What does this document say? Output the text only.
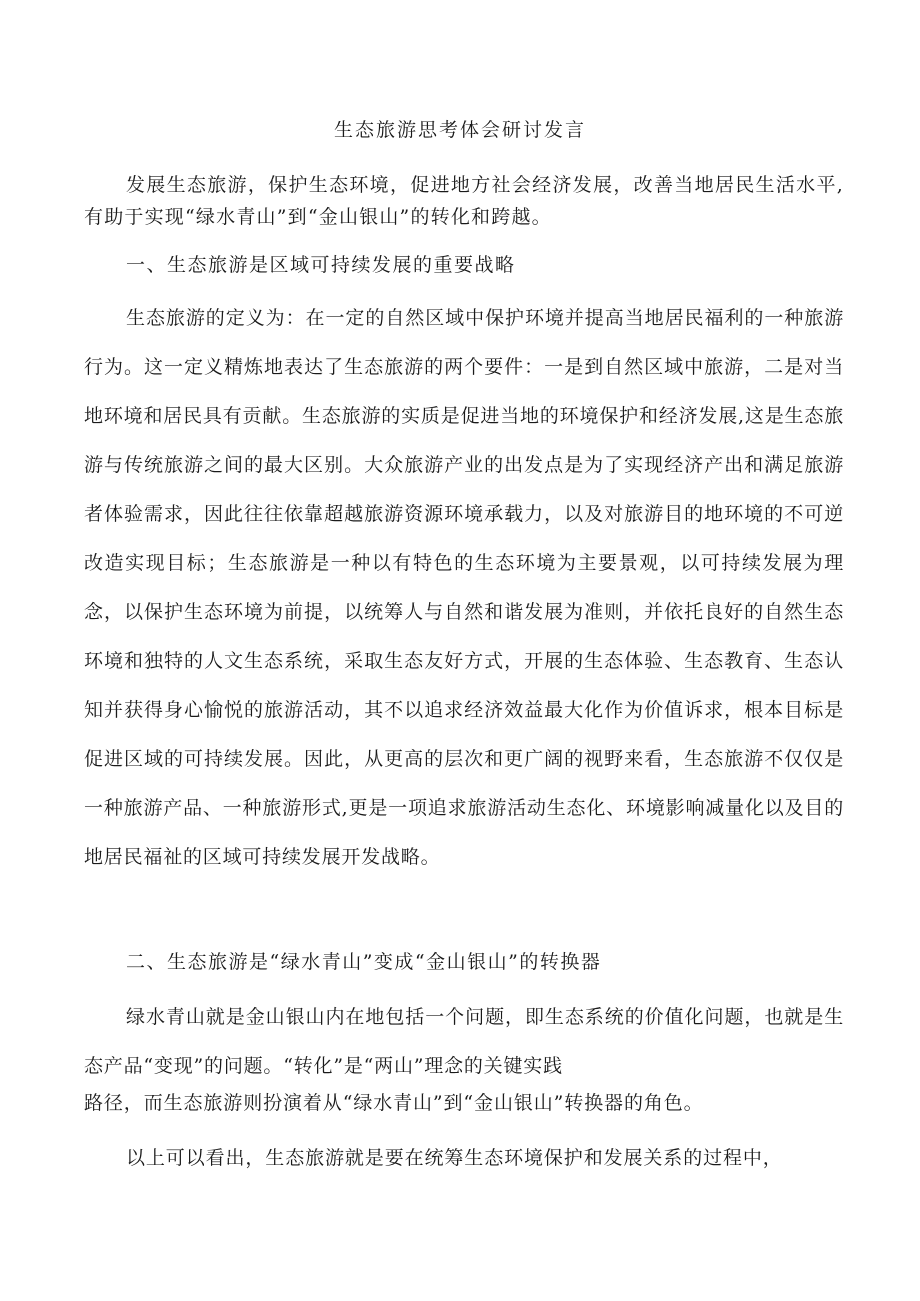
生态旅游思考体会研讨发言
发展生态旅游，保护生态环境，促进地方社会经济发展，改善当地居民生活水平,有助于实现“绿水青山”到“金山银山”的转化和跨越。
一、生态旅游是区域可持续发展的重要战略
生态旅游的定义为：在一定的自然区域中保护环境并提高当地居民福利的一种旅游行为。这一定义精炼地表达了生态旅游的两个要件：一是到自然区域中旅游，二是对当地环境和居民具有贡献。生态旅游的实质是促进当地的环境保护和经济发展,这是生态旅游与传统旅游之间的最大区别。大众旅游产业的出发点是为了实现经济产出和满足旅游者体验需求，因此往往依靠超越旅游资源环境承载力，以及对旅游目的地环境的不可逆改造实现目标；生态旅游是一种以有特色的生态环境为主要景观，以可持续发展为理念，以保护生态环境为前提，以统筹人与自然和谐发展为准则，并依托良好的自然生态环境和独特的人文生态系统，采取生态友好方式，开展的生态体验、生态教育、生态认知并获得身心愉悦的旅游活动，其不以追求经济效益最大化作为价值诉求，根本目标是促进区域的可持续发展。因此，从更高的层次和更广阔的视野来看，生态旅游不仅仅是一种旅游产品、一种旅游形式,更是一项追求旅游活动生态化、环境影响减量化以及目的地居民福祉的区域可持续发展开发战略。
二、生态旅游是“绿水青山”变成“金山银山”的转换器
绿水青山就是金山银山内在地包括一个问题，即生态系统的价值化问题，也就是生态产品“变现”的问题。“转化”是“两山”理念的关键实践
路径，而生态旅游则扮演着从“绿水青山”到“金山银山”转换器的角色。
以上可以看出，生态旅游就是要在统筹生态环境保护和发展关系的过程中，
